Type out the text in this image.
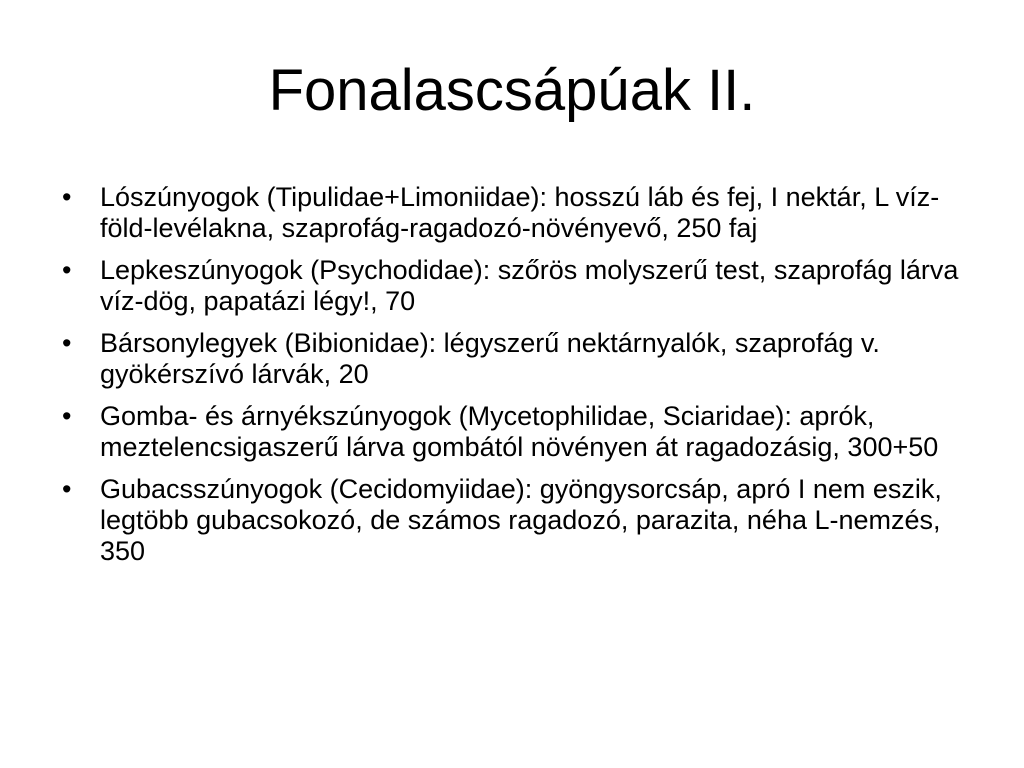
Fonalascsápúak II.
•	Lószúnyogok (Tipulidae+Limoniidae): hosszú láb és fej, I nektár, L víz-föld-levélakna, szaprofág-ragadozó-növényevő, 250 faj
•	Lepkeszúnyogok (Psychodidae): szőrös molyszerű test, szaprofág lárva víz-dög, papatázi légy!, 70
•	Bársonylegyek (Bibionidae): légyszerű nektárnyalók, szaprofág v. gyökérszívó lárvák, 20
•	Gomba- és árnyékszúnyogok (Mycetophilidae, Sciaridae): aprók, meztelencsigaszerű lárva gombától növényen át ragadozásig, 300+50
•	Gubacsszúnyogok (Cecidomyiidae): gyöngysorcsáp, apró I nem eszik, legtöbb gubacsokozó, de számos ragadozó, parazita, néha L-nemzés, 350
